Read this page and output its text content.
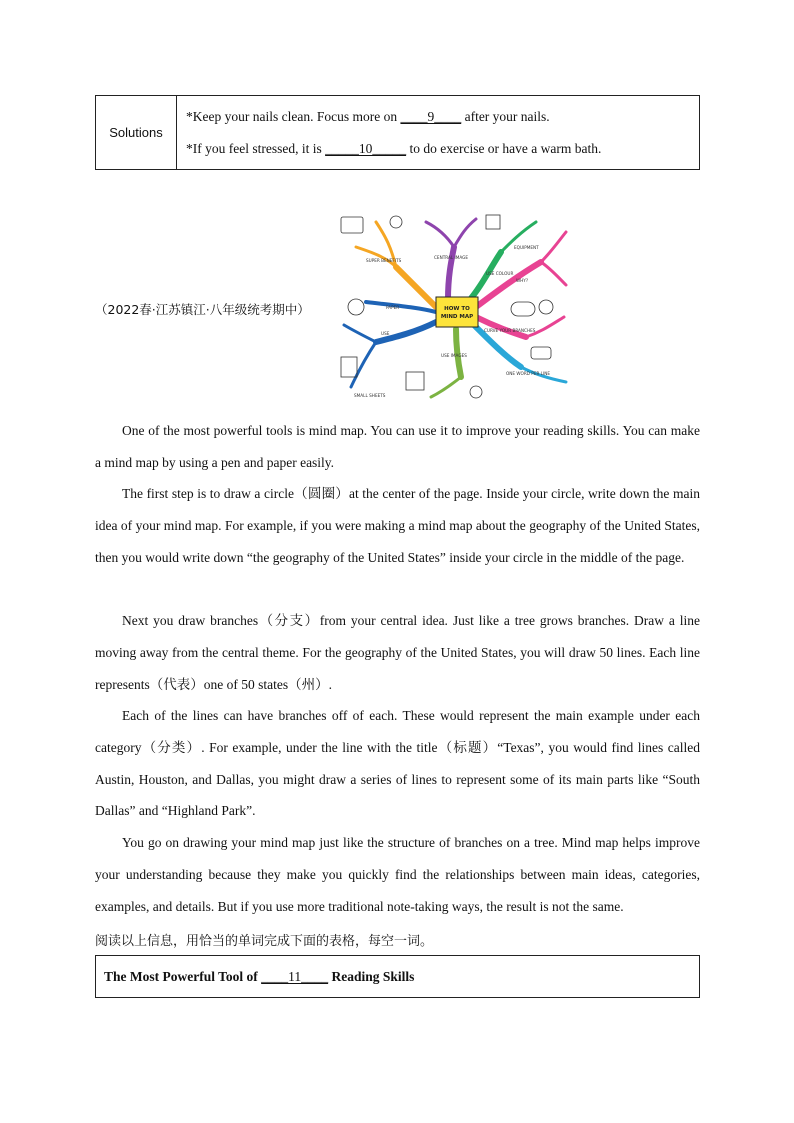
Solutions	
*Keep your nails clean. Focus more on ____9____ after your nails.
*If you feel stressed, it is _____10_____ to do exercise or have a warm bath.
（2022春·江苏镇江·八年级统考期中）
SUPER BENEFITS
CENTRAL IMAGE
USE COLOUR
EQUIPMENT
WHY?
CURVE YOUR BRANCHES
USE
PAPER
USE IMAGES
ONE WORD PER LINE
SMALL SHEETS
HOW TO
MIND MAP
One of the most powerful tools is mind map. You can use it to improve your reading skills. You can make a mind map by using a pen and paper easily.
The first step is to draw a circle（圆圈）at the center of the page. Inside your circle, write down the main idea of your mind map. For example, if you were making a mind map about the geography of the United States, then you would write down “the geography of the United States” inside your circle in the middle of the page.
Next you draw branches（分支）from your central idea. Just like a tree grows branches. Draw a line moving away from the central theme. For the geography of the United States, you will draw 50 lines. Each line represents（代表）one of 50 states（州）.
Each of the lines can have branches off of each. These would represent the main example under each category（分类）. For example, under the line with the title（标题）“Texas”, you would find lines called Austin, Houston, and Dallas, you might draw a series of lines to represent some of its main parts like “South Dallas” and “Highland Park”.
You go on drawing your mind map just like the structure of branches on a tree. Mind map helps improve your understanding because they make you quickly find the relationships between main ideas, categories, examples, and details. But if you use more traditional note-taking ways, the result is not the same.
阅读以上信息，用恰当的单词完成下面的表格，每空一词。
The Most Powerful Tool of ____11____ Reading Skills
